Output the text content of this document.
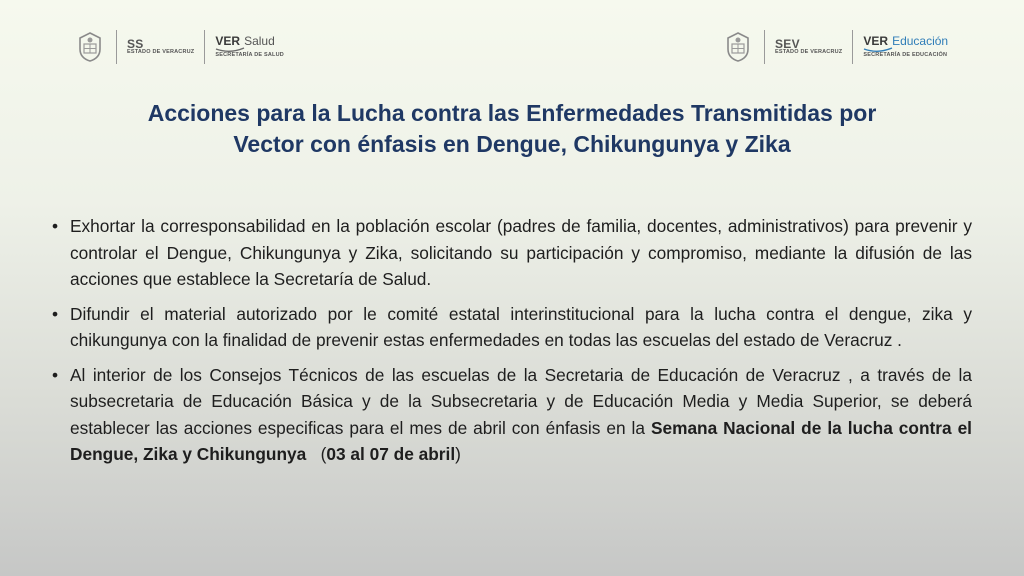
SS
ESTADO DE VERACRUZ
VER Salud
SECRETARÍA DE SALUD
SEV
ESTADO DE VERACRUZ
VER Educación
SECRETARÍA DE EDUCACIÓN
Acciones para la Lucha contra las Enfermedades Transmitidas por
Vector con énfasis en Dengue, Chikungunya y Zika
• Exhortar la corresponsabilidad en la población escolar (padres de familia, docentes, administrativos) para prevenir y controlar el Dengue, Chikungunya y Zika, solicitando su participación y compromiso, mediante la difusión de las acciones que establece la Secretaría de Salud.
• Difundir el material autorizado por le comité estatal interinstitucional para la lucha contra el dengue, zika y chikungunya con la finalidad de prevenir estas enfermedades en todas las escuelas del estado de Veracruz .
• Al interior de los Consejos Técnicos de las escuelas de la Secretaria de Educación de Veracruz , a través de la subsecretaria de Educación Básica y de la Subsecretaria y de Educación Media y Media Superior, se deberá establecer las acciones especificas para el mes de abril con énfasis en la Semana Nacional de la lucha contra el Dengue, Zika y Chikungunya   (03 al 07 de abril)
